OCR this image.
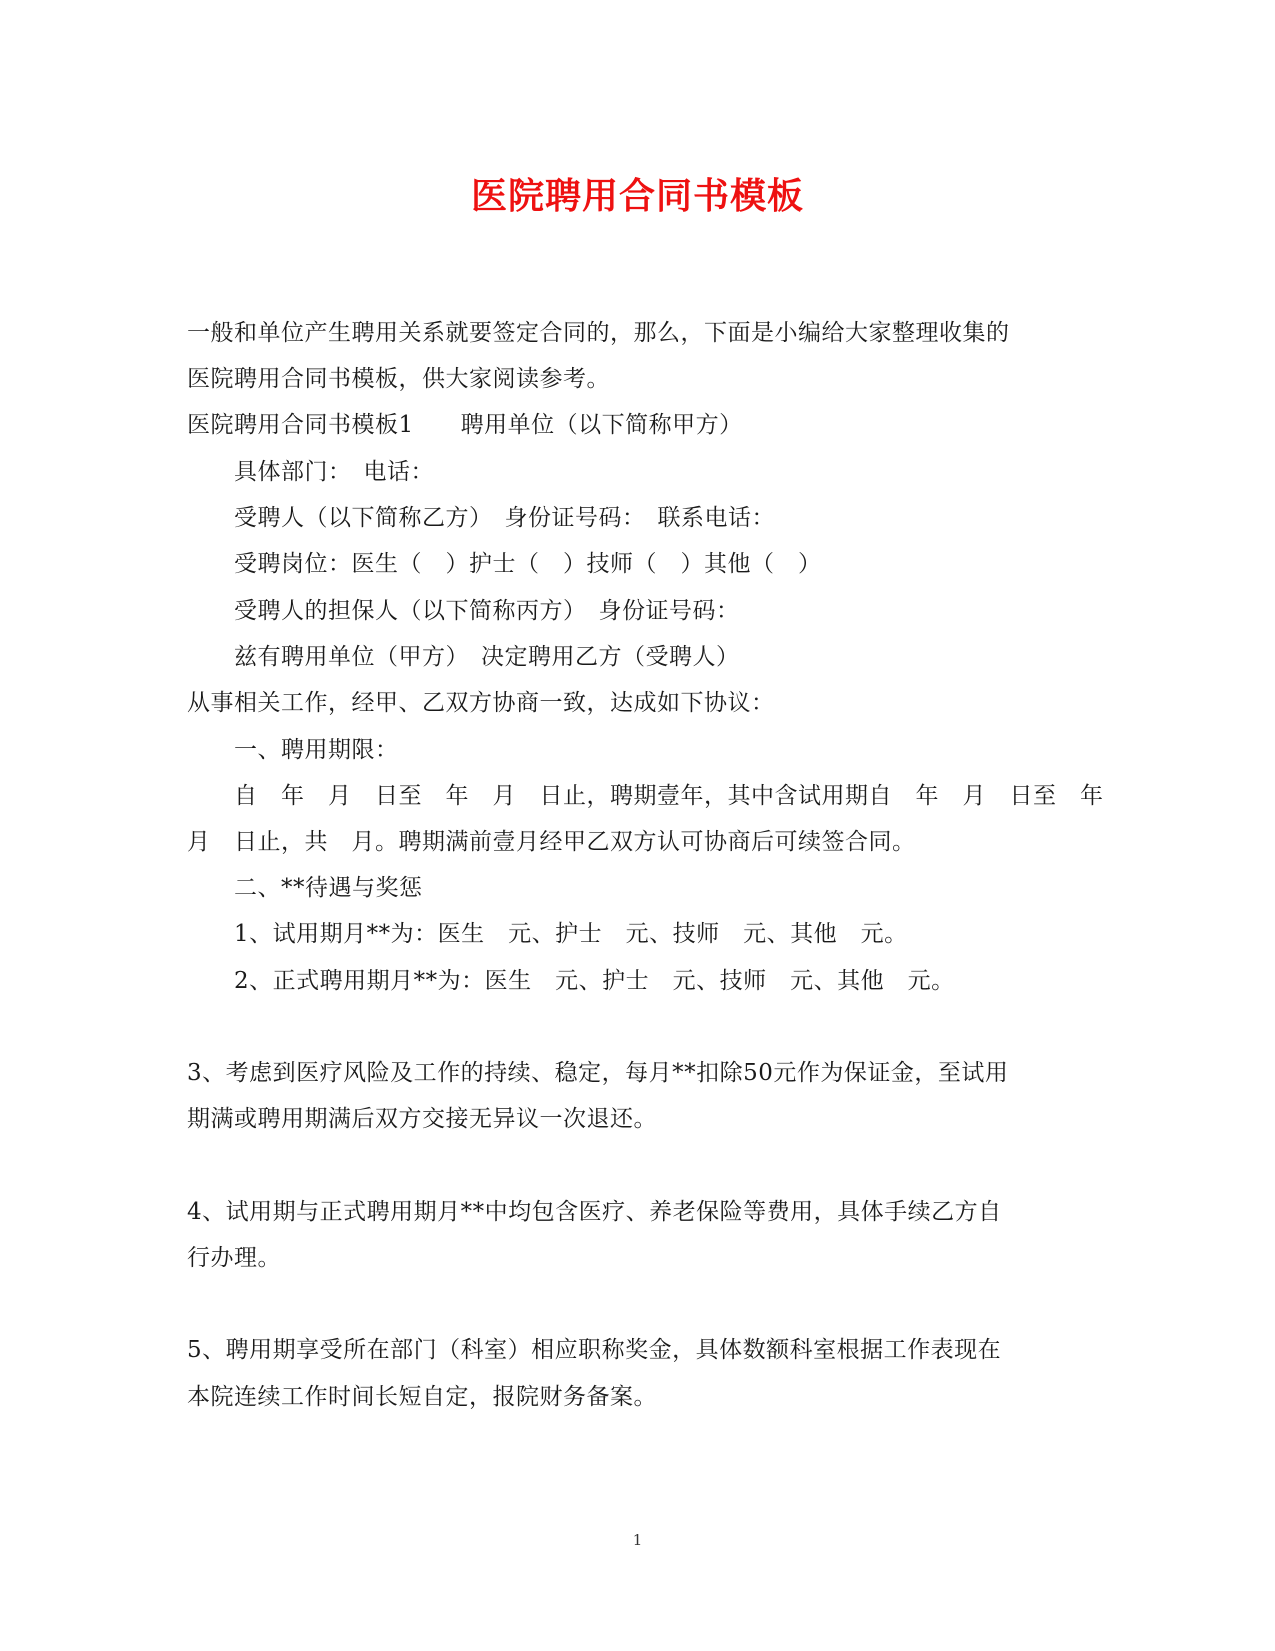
医院聘用合同书模板
一般和单位产生聘用关系就要签定合同的，那么，下面是小编给大家整理收集的
医院聘用合同书模板，供大家阅读参考。
医院聘用合同书模板1　　聘用单位（以下简称甲方）
具体部门：　电话：
受聘人（以下简称乙方）　身份证号码：　联系电话：
受聘岗位：医生（　）护士（　）技师（　）其他（　）
受聘人的担保人（以下简称丙方）　身份证号码：
兹有聘用单位（甲方）　决定聘用乙方（受聘人）
从事相关工作，经甲、乙双方协商一致，达成如下协议：
一、聘用期限：
自　年　月　日至　年　月　日止，聘期壹年，其中含试用期自　年　月　日至　年
月　日止，共　月。聘期满前壹月经甲乙双方认可协商后可续签合同。
二、**待遇与奖惩
1、试用期月**为：医生　元、护士　元、技师　元、其他　元。
2、正式聘用期月**为：医生　元、护士　元、技师　元、其他　元。
3、考虑到医疗风险及工作的持续、稳定，每月**扣除50元作为保证金，至试用
期满或聘用期满后双方交接无异议一次退还。
4、试用期与正式聘用期月**中均包含医疗、养老保险等费用，具体手续乙方自
行办理。
5、聘用期享受所在部门（科室）相应职称奖金，具体数额科室根据工作表现在
本院连续工作时间长短自定，报院财务备案。
1
